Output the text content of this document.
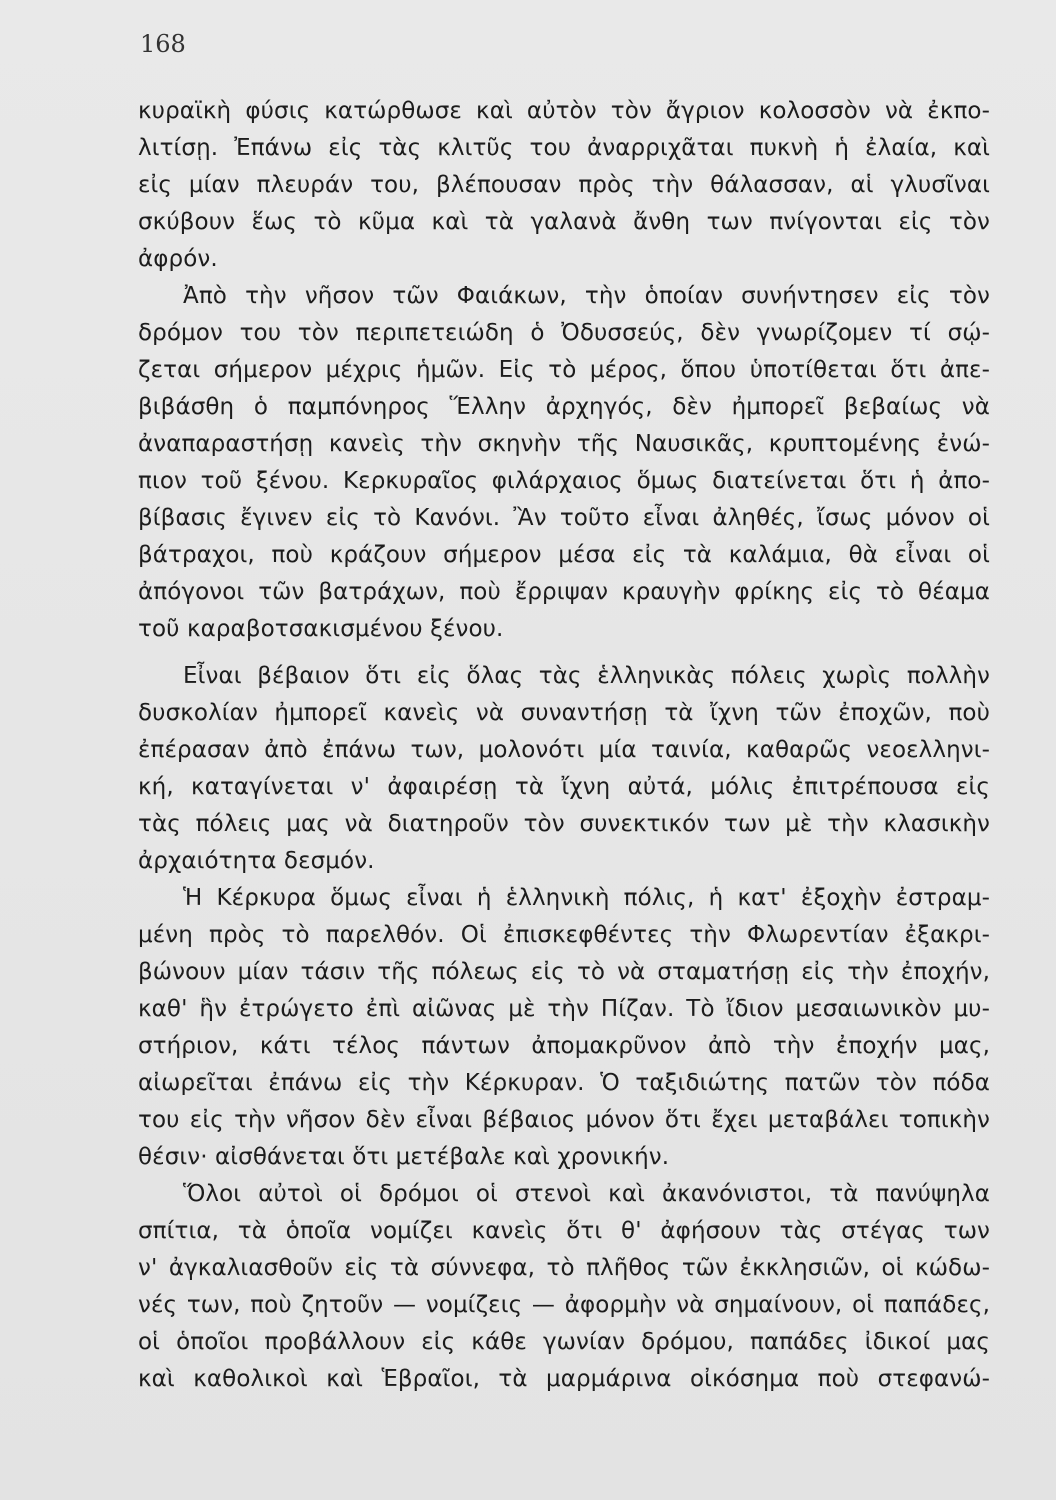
168
κυραϊκὴ φύσις κατώρθωσε καὶ αὐτὸν τὸν ἄγριον κολοσσὸν νὰ ἐκπο-
λιτίσῃ. Ἐπάνω εἰς τὰς κλιτῦς του ἀναρριχᾶται πυκνὴ ἡ ἐλαία, καὶ
εἰς μίαν πλευράν του, βλέπουσαν πρὸς τὴν θάλασσαν, αἱ γλυσῖναι
σκύβουν ἕως τὸ κῦμα καὶ τὰ γαλανὰ ἄνθη των πνίγονται εἰς τὸν
ἀφρόν.
Ἀπὸ τὴν νῆσον τῶν Φαιάκων, τὴν ὁποίαν συνήντησεν εἰς τὸν
δρόμον του τὸν περιπετειώδη ὁ Ὀδυσσεύς, δὲν γνωρίζομεν τί σῴ-
ζεται σήμερον μέχρις ἡμῶν. Εἰς τὸ μέρος, ὅπου ὑποτίθεται ὅτι ἀπε-
βιβάσθη ὁ παμπόνηρος Ἕλλην ἀρχηγός, δὲν ἠμπορεῖ βεβαίως νὰ
ἀναπαραστήσῃ κανεὶς τὴν σκηνὴν τῆς Ναυσικᾶς, κρυπτομένης ἐνώ-
πιον τοῦ ξένου. Κερκυραῖος φιλάρχαιος ὅμως διατείνεται ὅτι ἡ ἀπο-
βίβασις ἔγινεν εἰς τὸ Κανόνι. Ἂν τοῦτο εἶναι ἀληθές, ἴσως μόνον οἱ
βάτραχοι, ποὺ κράζουν σήμερον μέσα εἰς τὰ καλάμια, θὰ εἶναι οἱ
ἀπόγονοι τῶν βατράχων, ποὺ ἔρριψαν κραυγὴν φρίκης εἰς τὸ θέαμα
τοῦ καραβοτσακισμένου ξένου.
Εἶναι βέβαιον ὅτι εἰς ὅλας τὰς ἑλληνικὰς πόλεις χωρὶς πολλὴν
δυσκολίαν ἠμπορεῖ κανεὶς νὰ συναντήσῃ τὰ ἴχνη τῶν ἐποχῶν, ποὺ
ἐπέρασαν ἀπὸ ἐπάνω των, μολονότι μία ταινία, καθαρῶς νεοελληνι-
κή, καταγίνεται ν' ἀφαιρέσῃ τὰ ἴχνη αὐτά, μόλις ἐπιτρέπουσα εἰς
τὰς πόλεις μας νὰ διατηροῦν τὸν συνεκτικόν των μὲ τὴν κλασικὴν
ἀρχαιότητα δεσμόν.
Ἡ Κέρκυρα ὅμως εἶναι ἡ ἑλληνικὴ πόλις, ἡ κατ' ἐξοχὴν ἐστραμ-
μένη πρὸς τὸ παρελθόν. Οἱ ἐπισκεφθέντες τὴν Φλωρεντίαν ἐξακρι-
βώνουν μίαν τάσιν τῆς πόλεως εἰς τὸ νὰ σταματήσῃ εἰς τὴν ἐποχήν,
καθ' ἣν ἐτρώγετο ἐπὶ αἰῶνας μὲ τὴν Πίζαν. Τὸ ἴδιον μεσαιωνικὸν μυ-
στήριον, κάτι τέλος πάντων ἀπομακρῦνον ἀπὸ τὴν ἐποχήν μας,
αἰωρεῖται ἐπάνω εἰς τὴν Κέρκυραν. Ὁ ταξιδιώτης πατῶν τὸν πόδα
του εἰς τὴν νῆσον δὲν εἶναι βέβαιος μόνον ὅτι ἔχει μεταβάλει τοπικὴν
θέσιν· αἰσθάνεται ὅτι μετέβαλε καὶ χρονικήν.
Ὅλοι αὐτοὶ οἱ δρόμοι οἱ στενοὶ καὶ ἀκανόνιστοι, τὰ πανύψηλα
σπίτια, τὰ ὁποῖα νομίζει κανεὶς ὅτι θ' ἀφήσουν τὰς στέγας των
ν' ἀγκαλιασθοῦν εἰς τὰ σύννεφα, τὸ πλῆθος τῶν ἐκκλησιῶν, οἱ κώδω-
νές των, ποὺ ζητοῦν — νομίζεις — ἀφορμὴν νὰ σημαίνουν, οἱ παπάδες,
οἱ ὁποῖοι προβάλλουν εἰς κάθε γωνίαν δρόμου, παπάδες ἰδικοί μας
καὶ καθολικοὶ καὶ Ἑβραῖοι, τὰ μαρμάρινα οἰκόσημα ποὺ στεφανώ-
